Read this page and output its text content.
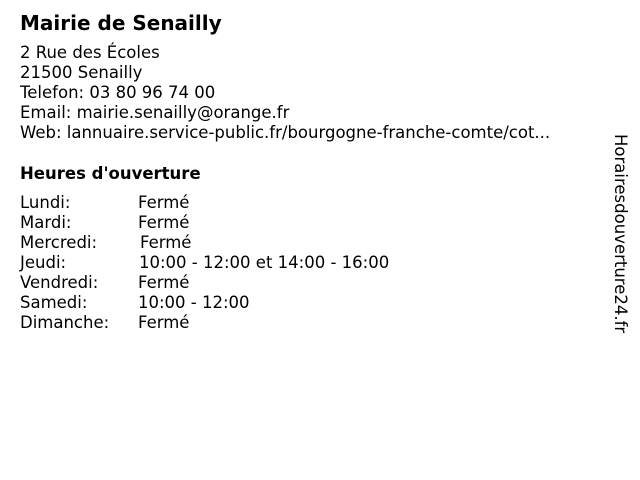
Mairie de Senailly
2 Rue des Écoles
21500 Senailly
Telefon: 03 80 96 74 00
Email: mairie.senailly@orange.fr
Web: lannuaire.service-public.fr/bourgogne-franche-comte/cot...
Heures d'ouverture
Lundi:	Fermé
Mardi:	Fermé
Mercredi:	Fermé
Jeudi:	10:00 - 12:00 et 14:00 - 16:00
Vendredi: Fermé
Samedi:	10:00 - 12:00
Dimanche: Fermé	Horairesdouverture24.fr
